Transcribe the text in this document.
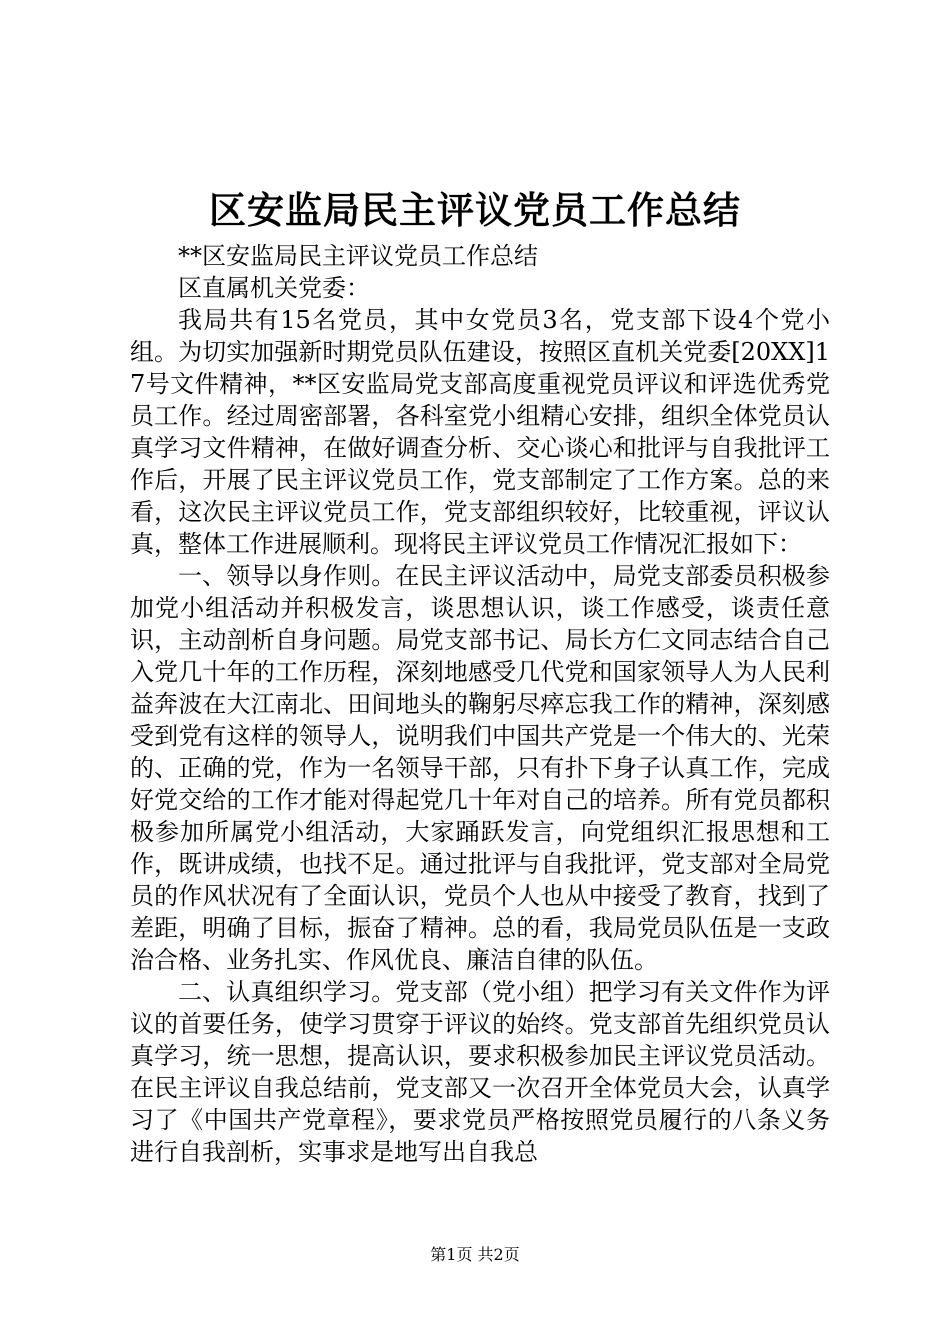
区安监局民主评议党员工作总结

**区安监局民主评议党员工作总结

区直属机关党委：

我局共有15名党员，其中女党员3名，党支部下设4个党小组。为切实加强新时期党员队伍建设，按照区直机关党委[20XX]17号文件精神，**区安监局党支部高度重视党员评议和评选优秀党员工作。经过周密部署，各科室党小组精心安排，组织全体党员认真学习文件精神，在做好调查分析、交心谈心和批评与自我批评工作后，开展了民主评议党员工作，党支部制定了工作方案。总的来看，这次民主评议党员工作，党支部组织较好，比较重视，评议认真，整体工作进展顺利。现将民主评议党员工作情况汇报如下：

一、领导以身作则。在民主评议活动中，局党支部委员积极参加党小组活动并积极发言，谈思想认识，谈工作感受，谈责任意识，主动剖析自身问题。局党支部书记、局长方仁文同志结合自己入党几十年的工作历程，深刻地感受几代党和国家领导人为人民利益奔波在大江南北、田间地头的鞠躬尽瘁忘我工作的精神，深刻感受到党有这样的领导人，说明我们中国共产党是一个伟大的、光荣的、正确的党，作为一名领导干部，只有扑下身子认真工作，完成好党交给的工作才能对得起党几十年对自己的培养。所有党员都积极参加所属党小组活动，大家踊跃发言，向党组织汇报思想和工作，既讲成绩，也找不足。通过批评与自我批评，党支部对全局党员的作风状况有了全面认识，党员个人也从中接受了教育，找到了差距，明确了目标，振奋了精神。总的看，我局党员队伍是一支政治合格、业务扎实、作风优良、廉洁自律的队伍。

二、认真组织学习。党支部（党小组）把学习有关文件作为评议的首要任务，使学习贯穿于评议的始终。党支部首先组织党员认真学习，统一思想，提高认识，要求积极参加民主评议党员活动。在民主评议自我总结前，党支部又一次召开全体党员大会，认真学习了《中国共产党章程》，要求党员严格按照党员履行的八条义务进行自我剖析，实事求是地写出自我总

第1页 共2页
